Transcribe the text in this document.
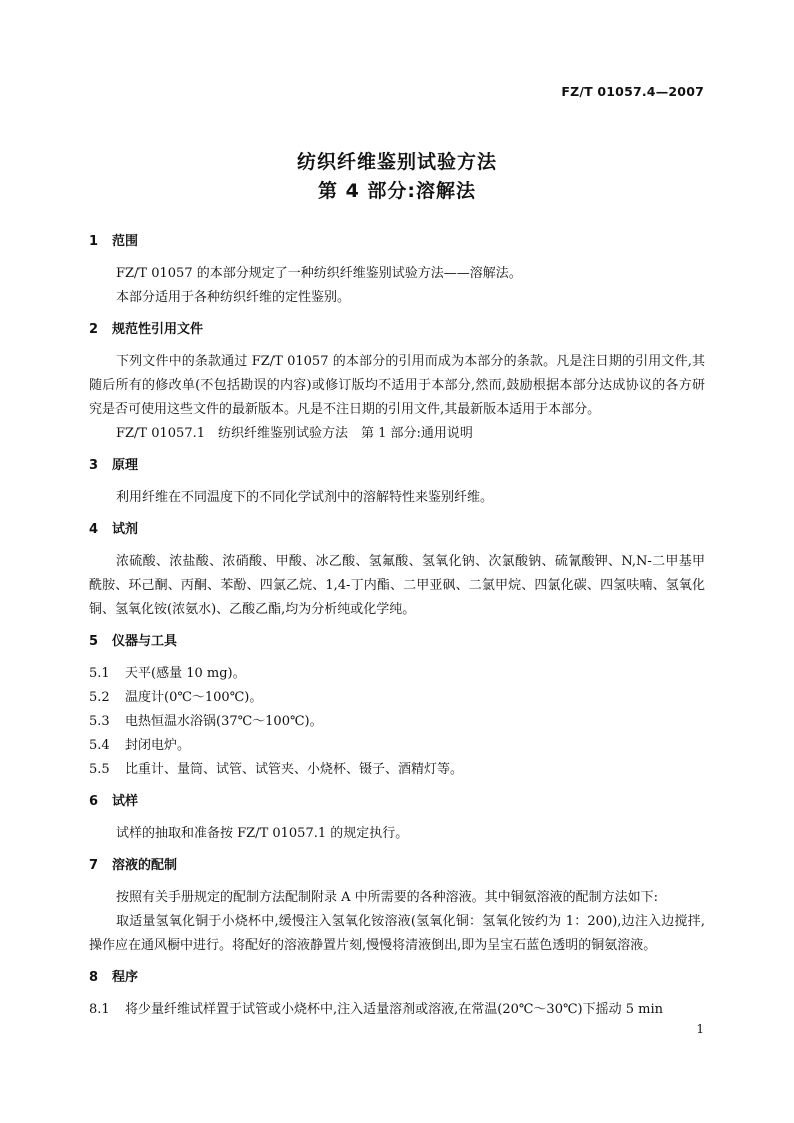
FZ/T 01057.4—2007
纺织纤维鉴别试验方法
第 4 部分:溶解法
1 范围

FZ/T 01057 的本部分规定了一种纺织纤维鉴别试验方法——溶解法。

本部分适用于各种纺织纤维的定性鉴别。

2 规范性引用文件

下列文件中的条款通过 FZ/T 01057 的本部分的引用而成为本部分的条款。凡是注日期的引用文件,其随后所有的修改单(不包括勘误的内容)或修订版均不适用于本部分,然而,鼓励根据本部分达成协议的各方研究是否可使用这些文件的最新版本。凡是不注日期的引用文件,其最新版本适用于本部分。

FZ/T 01057.1　纺织纤维鉴别试验方法　第 1 部分:通用说明

3 原理

利用纤维在不同温度下的不同化学试剂中的溶解特性来鉴别纤维。

4 试剂

浓硫酸、浓盐酸、浓硝酸、甲酸、冰乙酸、氢氟酸、氢氧化钠、次氯酸钠、硫氰酸钾、N,N-二甲基甲酰胺、环己酮、丙酮、苯酚、四氯乙烷、1,4-丁内酯、二甲亚砜、二氯甲烷、四氯化碳、四氢呋喃、氢氧化铜、氢氧化铵(浓氨水)、乙酸乙酯,均为分析纯或化学纯。

5 仪器与工具
5.1	天平(感量 10 mg)。
5.2	温度计(0℃～100℃)。
5.3	电热恒温水浴锅(37℃～100℃)。
5.4	封闭电炉。
5.5	比重计、量筒、试管、试管夹、小烧杯、镊子、酒精灯等。
6 试样

试样的抽取和准备按 FZ/T 01057.1 的规定执行。

7 溶液的配制

按照有关手册规定的配制方法配制附录 A 中所需要的各种溶液。其中铜氨溶液的配制方法如下:

取适量氢氧化铜于小烧杯中,缓慢注入氢氧化铵溶液(氢氧化铜：氢氧化铵约为 1：200),边注入边搅拌,操作应在通风橱中进行。将配好的溶液静置片刻,慢慢将清液倒出,即为呈宝石蓝色透明的铜氨溶液。

8 程序
8.1	将少量纤维试样置于试管或小烧杯中,注入适量溶剂或溶液,在常温(20℃～30℃)下摇动 5 min
1
